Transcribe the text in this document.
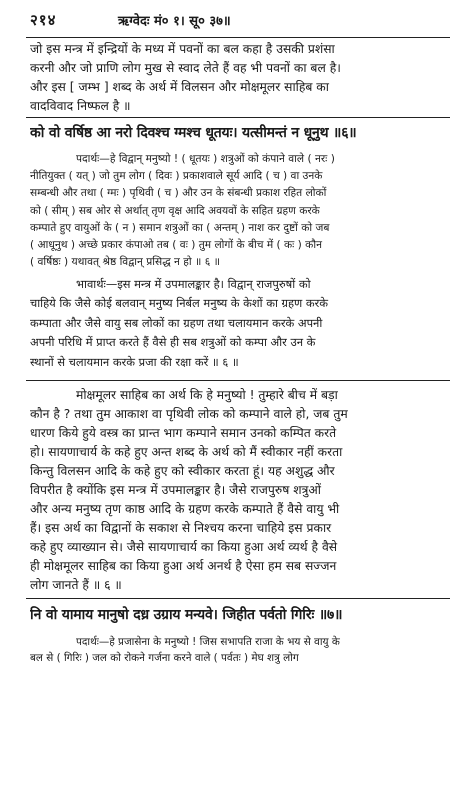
२१४	ऋग्वेदः मं० १। सू० ३७॥
जो इस मन्त्र में इन्द्रियों के मध्य में पवनों का बल कहा है उसकी प्रशंसा
करनी और जो प्राणि लोग मुख से स्वाद लेते हैं वह भी पवनों का बल है।
और इस [ जम्भ ] शब्द के अर्थ में विलसन और मोक्षमूलर साहिब का
वादविवाद निष्फल है ॥
को वो वर्षिष्ठ आ नरो दिवश्च ग्मश्च धूतयः। यत्सीमन्तं न धूनुथ ॥६॥
पदार्थः—हे विद्वान् मनुष्यो ! ( धूतयः ) शत्रुओं को कंपाने वाले ( नरः )
नीतियुक्त ( यत् ) जो तुम लोग ( दिवः ) प्रकाशवाले सूर्य आदि ( च ) वा उनके
सम्बन्धी और तथा ( ग्मः ) पृथिवी ( च ) और उन के संबन्धी प्रकाश रहित लोकों
को ( सीम् ) सब ओर से अर्थात् तृण वृक्ष आदि अवयवों के सहित ग्रहण करके
कम्पाते हुए वायुओं के ( न ) समान शत्रुओं का ( अन्तम् ) नाश कर दुष्टों को जब
( आधूनुथ ) अच्छे प्रकार कंपाओ तब ( वः ) तुम लोगों के बीच में ( कः ) कौन
( वर्षिष्ठः ) यथावत् श्रेष्ठ विद्वान् प्रसिद्ध न हो ॥ ६ ॥
भावार्थः—इस मन्त्र में उपमालङ्कार है। विद्वान् राजपुरुषों को
चाहिये कि जैसे कोई बलवान् मनुष्य निर्बल मनुष्य के केशों का ग्रहण करके
कम्पाता और जैसे वायु सब लोकों का ग्रहण तथा चलायमान करके अपनी
अपनी परिधि में प्राप्त करते हैं वैसे ही सब शत्रुओं को कम्पा और उन के
स्थानों से चलायमान करके प्रजा की रक्षा करें ॥ ६ ॥
मोक्षमूलर साहिब का अर्थ कि हे मनुष्यो ! तुम्हारे बीच में बड़ा
कौन है ? तथा तुम आकाश वा पृथिवी लोक को कम्पाने वाले हो, जब तुम
धारण किये हुये वस्त्र का प्रान्त भाग कम्पाने समान उनको कम्पित करते
हो। सायणाचार्य के कहे हुए अन्त शब्द के अर्थ को मैं स्वीकार नहीं करता
किन्तु विलसन आदि के कहे हुए को स्वीकार करता हूं। यह अशुद्ध और
विपरीत है क्योंकि इस मन्त्र में उपमालङ्कार है। जैसे राजपुरुष शत्रुओं
और अन्य मनुष्य तृण काष्ठ आदि के ग्रहण करके कम्पाते हैं वैसे वायु भी
हैं। इस अर्थ का विद्वानों के सकाश से निश्चय करना चाहिये इस प्रकार
कहे हुए व्याख्यान से। जैसे सायणाचार्य का किया हुआ अर्थ व्यर्थ है वैसे
ही मोक्षमूलर साहिब का किया हुआ अर्थ अनर्थ है ऐसा हम सब सज्जन
लोग जानते हैं ॥ ६ ॥
नि वो यामाय मानुषो दध्र उग्राय मन्यवे। जिहीत पर्वतो गिरिः ॥७॥
पदार्थः—हे प्रजासेना के मनुष्यो ! जिस सभापति राजा के भय से वायु के
बल से ( गिरिः ) जल को रोकने गर्जना करने वाले ( पर्वतः ) मेघ शत्रु लोग
